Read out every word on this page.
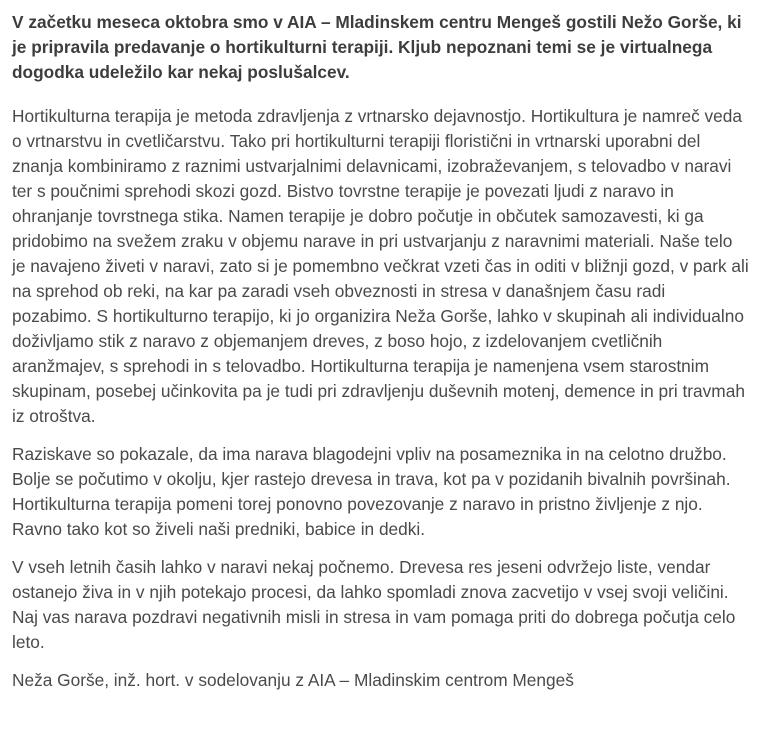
V začetku meseca oktobra smo v AIA – Mladinskem centru Mengeš gostili Nežo Gorše, ki je pripravila predavanje o hortikulturni terapiji. Kljub nepoznani temi se je virtualnega dogodka udeležilo kar nekaj poslušalcev.

Hortikulturna terapija je metoda zdravljenja z vrtnarsko dejavnostjo. Hortikultura je namreč veda o vrtnarstvu in cvetličarstvu. Tako pri hortikulturni terapiji floristični in vrtnarski uporabni del znanja kombiniramo z raznimi ustvarjalnimi delavnicami, izobraževanjem, s telovadbo v naravi ter s poučnimi sprehodi skozi gozd. Bistvo tovrstne terapije je povezati ljudi z naravo in ohranjanje tovrstnega stika. Namen terapije je dobro počutje in občutek samozavesti, ki ga pridobimo na svežem zraku v objemu narave in pri ustvarjanju z naravnimi materiali. Naše telo je navajeno živeti v naravi, zato si je pomembno večkrat vzeti čas in oditi v bližnji gozd, v park ali na sprehod ob reki, na kar pa zaradi vseh obveznosti in stresa v današnjem času radi pozabimo. S hortikulturno terapijo, ki jo organizira Neža Gorše, lahko v skupinah ali individualno doživljamo stik z naravo z objemanjem dreves, z boso hojo, z izdelovanjem cvetličnih aranžmajev, s sprehodi in s telovadbo. Hortikulturna terapija je namenjena vsem starostnim skupinam, posebej učinkovita pa je tudi pri zdravljenju duševnih motenj, demence in pri travmah iz otroštva.

Raziskave so pokazale, da ima narava blagodejni vpliv na posameznika in na celotno družbo. Bolje se počutimo v okolju, kjer rastejo drevesa in trava, kot pa v pozidanih bivalnih površinah. Hortikulturna terapija pomeni torej ponovno povezovanje z naravo in pristno življenje z njo. Ravno tako kot so živeli naši predniki, babice in dedki.

V vseh letnih časih lahko v naravi nekaj počnemo. Drevesa res jeseni odvržejo liste, vendar ostanejo živa in v njih potekajo procesi, da lahko spomladi znova zacvetijo v vsej svoji veličini. Naj vas narava pozdravi negativnih misli in stresa in vam pomaga priti do dobrega počutja celo leto.

Neža Gorše, inž. hort. v sodelovanju z AIA – Mladinskim centrom Mengeš
